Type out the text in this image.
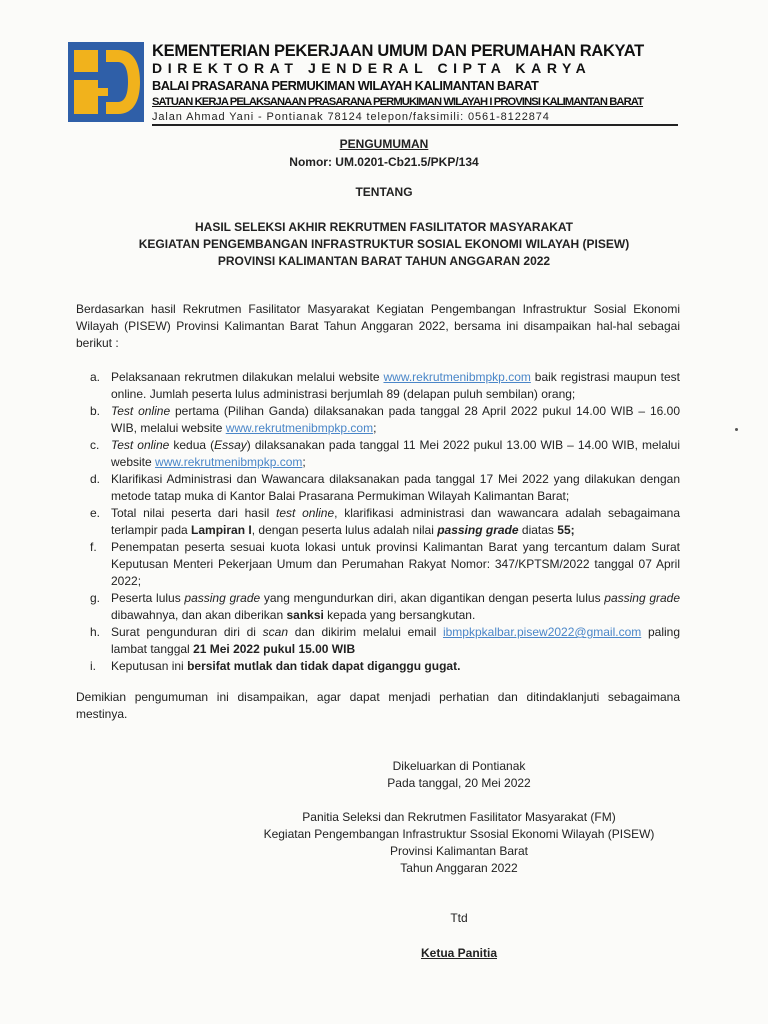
KEMENTERIAN PEKERJAAN UMUM DAN PERUMAHAN RAKYAT
DIREKTORAT JENDERAL CIPTA KARYA
BALAI PRASARANA PERMUKIMAN WILAYAH KALIMANTAN BARAT
SATUAN KERJA PELAKSANAAN PRASARANA PERMUKIMAN WILAYAH I PROVINSI KALIMANTAN BARAT
Jalan Ahmad Yani - Pontianak 78124 telepon/faksimili: 0561-8122874
PENGUMUMAN
Nomor: UM.0201-Cb21.5/PKP/134
TENTANG
HASIL SELEKSI AKHIR REKRUTMEN FASILITATOR MASYARAKAT
KEGIATAN PENGEMBANGAN INFRASTRUKTUR SOSIAL EKONOMI WILAYAH (PISEW)
PROVINSI KALIMANTAN BARAT TAHUN ANGGARAN 2022

Berdasarkan hasil Rekrutmen Fasilitator Masyarakat Kegiatan Pengembangan Infrastruktur Sosial Ekonomi Wilayah (PISEW) Provinsi Kalimantan Barat Tahun Anggaran 2022, bersama ini disampaikan hal-hal sebagai berikut :

a. Pelaksanaan rekrutmen dilakukan melalui website www.rekrutmenibmpkp.com baik registrasi maupun test online. Jumlah peserta lulus administrasi berjumlah 89 (delapan puluh sembilan) orang;
b. Test online pertama (Pilihan Ganda) dilaksanakan pada tanggal 28 April 2022 pukul 14.00 WIB – 16.00 WIB, melalui website www.rekrutmenibmpkp.com;
c. Test online kedua (Essay) dilaksanakan pada tanggal 11 Mei 2022 pukul 13.00 WIB – 14.00 WIB, melalui website www.rekrutmenibmpkp.com;
d. Klarifikasi Administrasi dan Wawancara dilaksanakan pada tanggal 17 Mei 2022 yang dilakukan dengan metode tatap muka di Kantor Balai Prasarana Permukiman Wilayah Kalimantan Barat;
e. Total nilai peserta dari hasil test online, klarifikasi administrasi dan wawancara adalah sebagaimana terlampir pada Lampiran I, dengan peserta lulus adalah nilai passing grade diatas 55;
f. Penempatan peserta sesuai kuota lokasi untuk provinsi Kalimantan Barat yang tercantum dalam Surat Keputusan Menteri Pekerjaan Umum dan Perumahan Rakyat Nomor: 347/KPTSM/2022 tanggal 07 April 2022;
g. Peserta lulus passing grade yang mengundurkan diri, akan digantikan dengan peserta lulus passing grade dibawahnya, dan akan diberikan sanksi kepada yang bersangkutan.
h. Surat pengunduran diri di scan dan dikirim melalui email ibmpkpkalbar.pisew2022@gmail.com paling lambat tanggal 21 Mei 2022 pukul 15.00 WIB
i. Keputusan ini bersifat mutlak dan tidak dapat diganggu gugat.

Demikian pengumuman ini disampaikan, agar dapat menjadi perhatian dan ditindaklanjuti sebagaimana mestinya.

Dikeluarkan di Pontianak
Pada tanggal, 20 Mei 2022
Panitia Seleksi dan Rekrutmen Fasilitator Masyarakat (FM)
Kegiatan Pengembangan Infrastruktur Ssosial Ekonomi Wilayah (PISEW)
Provinsi Kalimantan Barat
Tahun Anggaran 2022
Ttd
Ketua Panitia
